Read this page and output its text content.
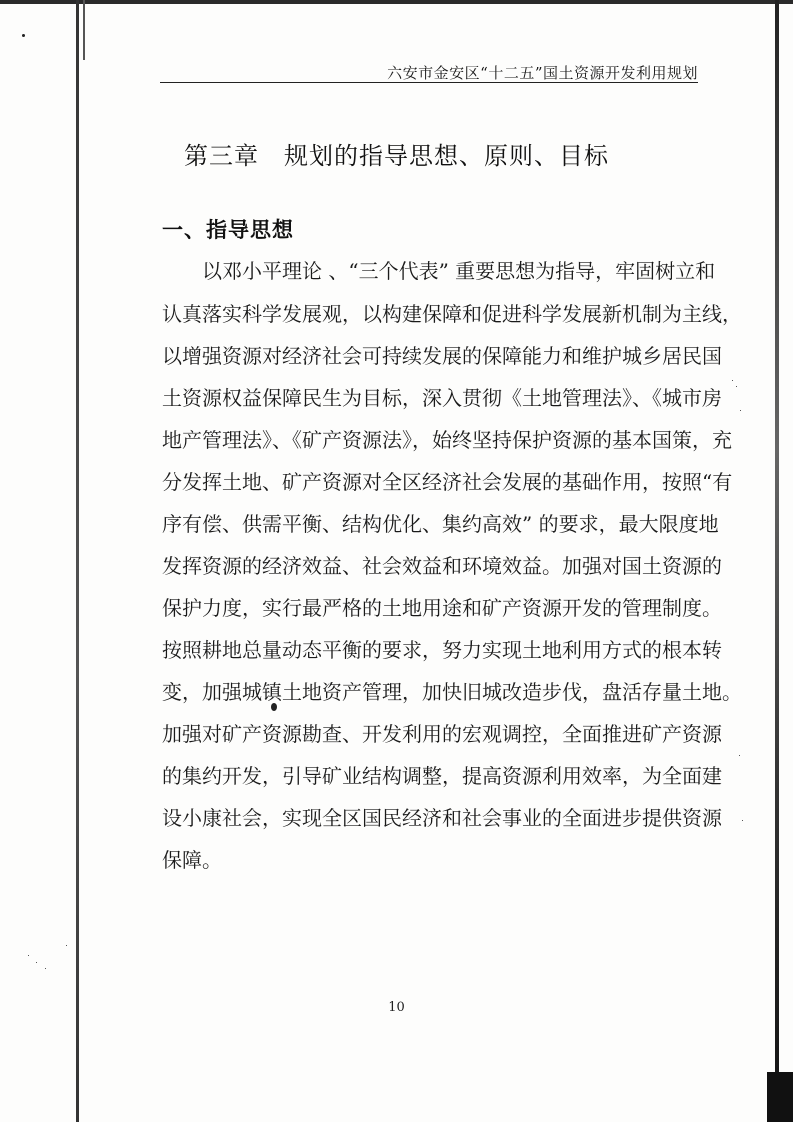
六安市金安区“十二五”国土资源开发利用规划
第三章　规划的指导思想、原则、目标
一、指导思想
以邓小平理论 、“三个代表” 重要思想为指导，牢固树立和
认真落实科学发展观，以构建保障和促进科学发展新机制为主线，
以增强资源对经济社会可持续发展的保障能力和维护城乡居民国
土资源权益保障民生为目标，深入贯彻《土地管理法》、《城市房
地产管理法》、《矿产资源法》，始终坚持保护资源的基本国策，充
分发挥土地、矿产资源对全区经济社会发展的基础作用，按照“有
序有偿、供需平衡、结构优化、集约高效” 的要求，最大限度地
发挥资源的经济效益、社会效益和环境效益。加强对国土资源的
保护力度，实行最严格的土地用途和矿产资源开发的管理制度。
按照耕地总量动态平衡的要求，努力实现土地利用方式的根本转
变，加强城镇土地资产管理，加快旧城改造步伐，盘活存量土地。
加强对矿产资源勘查、开发利用的宏观调控，全面推进矿产资源
的集约开发，引导矿业结构调整，提高资源利用效率，为全面建
设小康社会，实现全区国民经济和社会事业的全面进步提供资源
保障。
10
